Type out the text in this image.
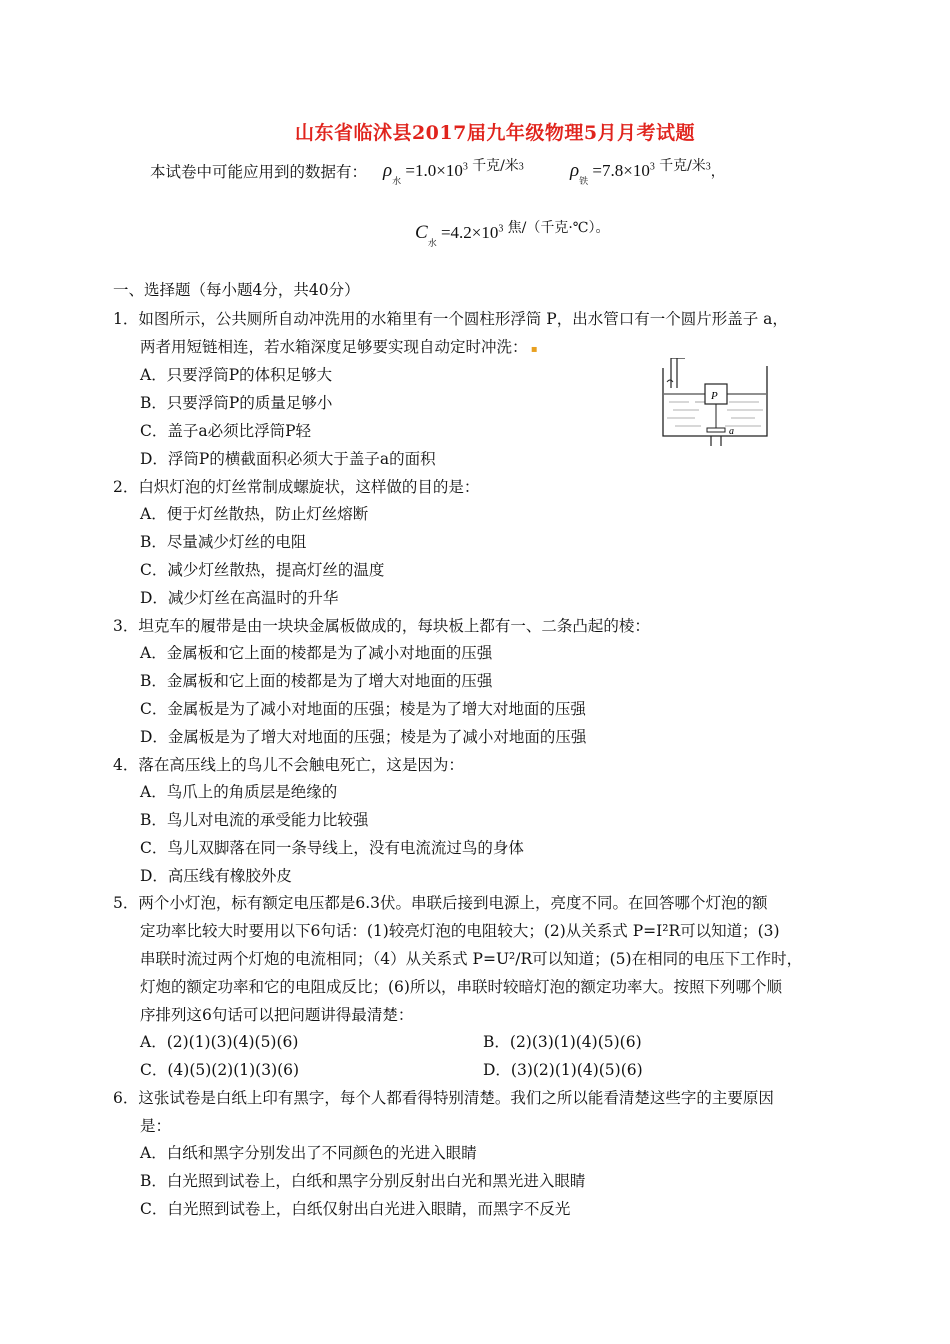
山东省临沭县2017届九年级物理5月月考试题
本试卷中可能应用到的数据有： $\rho_水 =1.0\times 10^3$ $^{千克/米3}$ $\rho_铁 =7.8\times 10^3$ $^{千克/米3}$，
$C_水 =4.2\times 10^3$ $^{焦/(千克\cdot℃)。}$
一、选择题（每小题4分，共40分）
1．如图所示，公共厕所自动冲洗用的水箱里有一个圆柱形浮筒 P，出水管口有一个圆片形盖子 a，
两者用短链相连，若水箱深度足够要实现自动定时冲洗： ▪
A．只要浮筒P的体积足够大
B．只要浮筒P的质量足够小
C．盖子a必须比浮筒P轻
D．浮筒P的横截面积必须大于盖子a的面积
P
a
2．白炽灯泡的灯丝常制成螺旋状，这样做的目的是：
A．便于灯丝散热，防止灯丝熔断
B．尽量减少灯丝的电阻
C．减少灯丝散热，提高灯丝的温度
D．减少灯丝在高温时的升华
3．坦克车的履带是由一块块金属板做成的，每块板上都有一、二条凸起的棱：
A．金属板和它上面的棱都是为了减小对地面的压强
B．金属板和它上面的棱都是为了增大对地面的压强
C．金属板是为了减小对地面的压强；棱是为了增大对地面的压强
D．金属板是为了增大对地面的压强；棱是为了减小对地面的压强
4．落在高压线上的鸟儿不会触电死亡，这是因为：
A．鸟爪上的角质层是绝缘的
B．鸟儿对电流的承受能力比较强
C．鸟儿双脚落在同一条导线上，没有电流流过鸟的身体
D．高压线有橡胶外皮
5．两个小灯泡，标有额定电压都是6.3伏。串联后接到电源上，亮度不同。在回答哪个灯泡的额
定功率比较大时要用以下6句话：(1)较亮灯泡的电阻较大；(2)从关系式 P=I²R可以知道；(3)
串联时流过两个灯炮的电流相同；（4）从关系式 P=U²/R可以知道；(5)在相同的电压下工作时，
灯炮的额定功率和它的电阻成反比；(6)所以，串联时较暗灯泡的额定功率大。按照下列哪个顺
序排列这6句话可以把问题讲得最清楚：
A．(2)(1)(3)(4)(5)(6)	B．(2)(3)(1)(4)(5)(6)
C．(4)(5)(2)(1)(3)(6)	D．(3)(2)(1)(4)(5)(6)
6．这张试卷是白纸上印有黑字，每个人都看得特别清楚。我们之所以能看清楚这些字的主要原因
是：
A．白纸和黑字分别发出了不同颜色的光进入眼睛
B．白光照到试卷上，白纸和黑字分别反射出白光和黑光进入眼睛
C．白光照到试卷上，白纸仅射出白光进入眼睛，而黑字不反光
